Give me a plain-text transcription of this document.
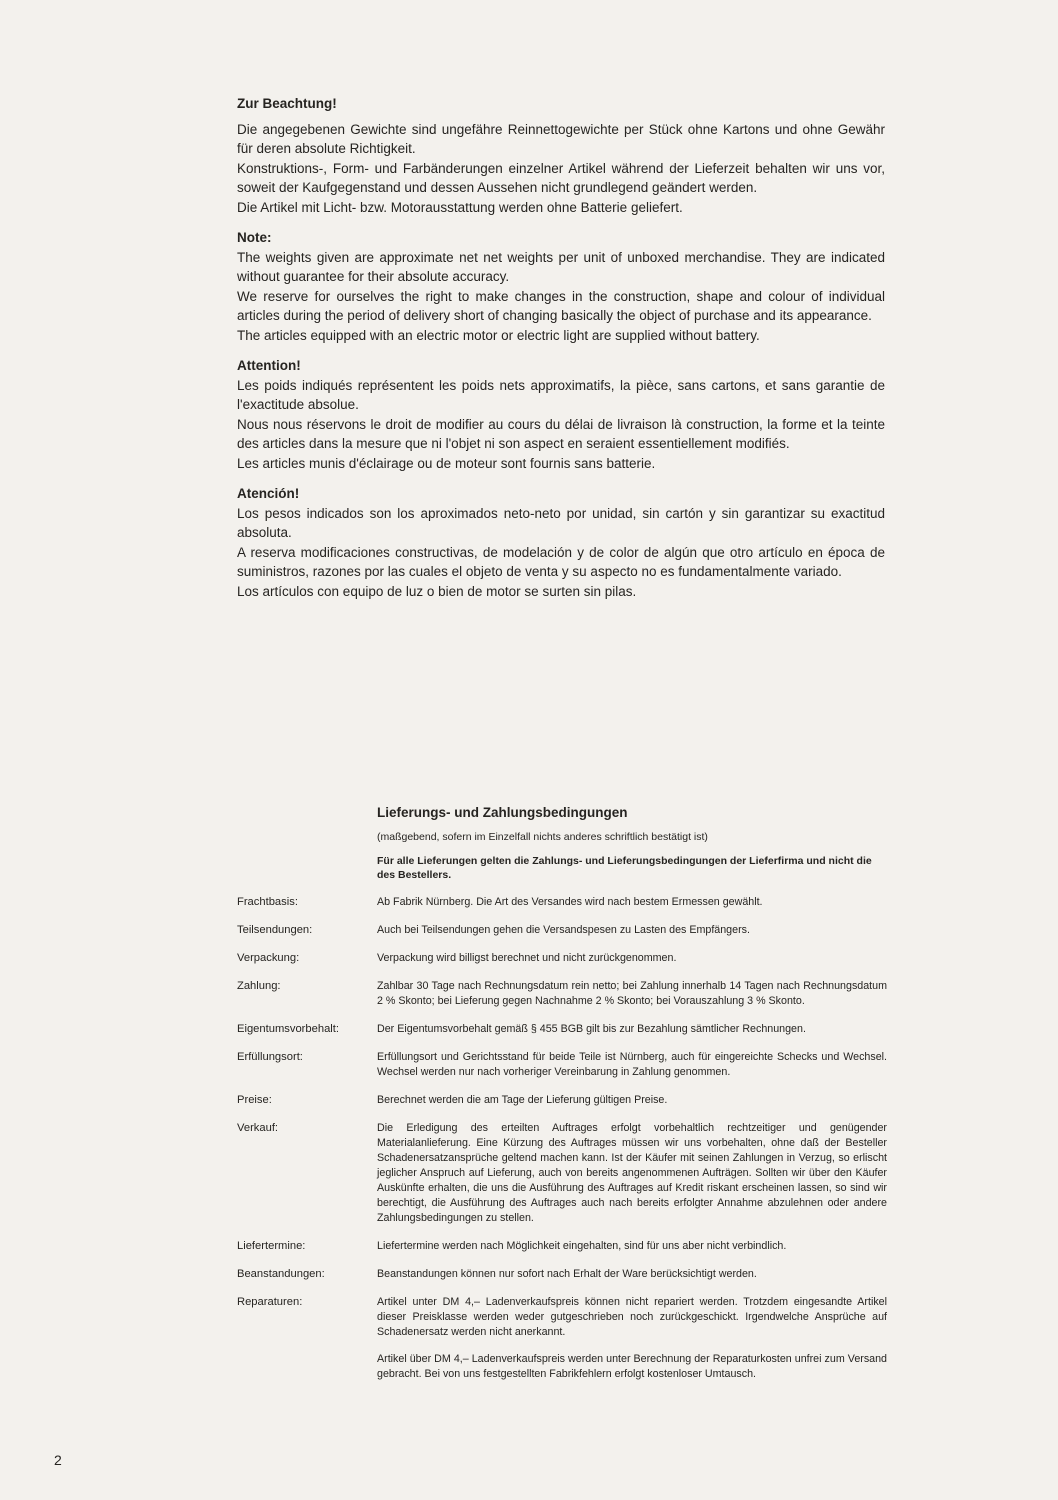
Zur Beachtung!

Die angegebenen Gewichte sind ungefähre Reinnettogewichte per Stück ohne Kartons und ohne Gewähr für deren absolute Richtigkeit.

Konstruktions-, Form- und Farbänderungen einzelner Artikel während der Lieferzeit behalten wir uns vor, soweit der Kaufgegenstand und dessen Aussehen nicht grundlegend geändert werden.

Die Artikel mit Licht- bzw. Motorausstattung werden ohne Batterie geliefert.

Note:

The weights given are approximate net net weights per unit of unboxed merchandise. They are indicated without guarantee for their absolute accuracy.

We reserve for ourselves the right to make changes in the construction, shape and colour of individual articles during the period of delivery short of changing basically the object of purchase and its appearance.

The articles equipped with an electric motor or electric light are supplied without battery.

Attention!

Les poids indiqués représentent les poids nets approximatifs, la pièce, sans cartons, et sans garantie de l'exactitude absolue.

Nous nous réservons le droit de modifier au cours du délai de livraison là construction, la forme et la teinte des articles dans la mesure que ni l'objet ni son aspect en seraient essentiellement modifiés.

Les articles munis d'éclairage ou de moteur sont fournis sans batterie.

Atención!

Los pesos indicados son los aproximados neto-neto por unidad, sin cartón y sin garantizar su exactitud absoluta.

A reserva modificaciones constructivas, de modelación y de color de algún que otro artículo en época de suministros, razones por las cuales el objeto de venta y su aspecto no es fundamentalmente variado.

Los artículos con equipo de luz o bien de motor se surten sin pilas.

Lieferungs- und Zahlungsbedingungen
(maßgebend, sofern im Einzelfall nichts anderes schriftlich bestätigt ist)
Für alle Lieferungen gelten die Zahlungs- und Lieferungsbedingungen der Lieferfirma und nicht die des Bestellers.
Frachtbasis:	Ab Fabrik Nürnberg. Die Art des Versandes wird nach bestem Ermessen gewählt.

Teilsendungen:	Auch bei Teilsendungen gehen die Versandspesen zu Lasten des Empfängers.

Verpackung:	Verpackung wird billigst berechnet und nicht zurückgenommen.

Zahlung:	Zahlbar 30 Tage nach Rechnungsdatum rein netto; bei Zahlung innerhalb 14 Tagen nach Rechnungsdatum 2 % Skonto; bei Lieferung gegen Nachnahme 2 % Skonto; bei Vorauszahlung 3 % Skonto.

Eigentumsvorbehalt:	Der Eigentumsvorbehalt gemäß § 455 BGB gilt bis zur Bezahlung sämtlicher Rechnungen.

Erfüllungsort:	Erfüllungsort und Gerichtsstand für beide Teile ist Nürnberg, auch für eingereichte Schecks und Wechsel. Wechsel werden nur nach vorheriger Vereinbarung in Zahlung genommen.

Preise:	Berechnet werden die am Tage der Lieferung gültigen Preise.

Verkauf:	Die Erledigung des erteilten Auftrages erfolgt vorbehaltlich rechtzeitiger und genügender Materialanlieferung. Eine Kürzung des Auftrages müssen wir uns vorbehalten, ohne daß der Besteller Schadenersatzansprüche geltend machen kann. Ist der Käufer mit seinen Zahlungen in Verzug, so erlischt jeglicher Anspruch auf Lieferung, auch von bereits angenommenen Aufträgen. Sollten wir über den Käufer Auskünfte erhalten, die uns die Ausführung des Auftrages auf Kredit riskant erscheinen lassen, so sind wir berechtigt, die Ausführung des Auftrages auch nach bereits erfolgter Annahme abzulehnen oder andere Zahlungsbedingungen zu stellen.

Liefertermine:	Liefertermine werden nach Möglichkeit eingehalten, sind für uns aber nicht verbindlich.

Beanstandungen:	Beanstandungen können nur sofort nach Erhalt der Ware berücksichtigt werden.

Reparaturen:	Artikel unter DM 4,– Ladenverkaufspreis können nicht repariert werden. Trotzdem eingesandte Artikel dieser Preisklasse werden weder gutgeschrieben noch zurückgeschickt. Irgendwelche Ansprüche auf Schadenersatz werden nicht anerkannt.

Artikel über DM 4,– Ladenverkaufspreis werden unter Berechnung der Reparaturkosten unfrei zum Versand gebracht. Bei von uns festgestellten Fabrikfehlern erfolgt kostenloser Umtausch.

2
